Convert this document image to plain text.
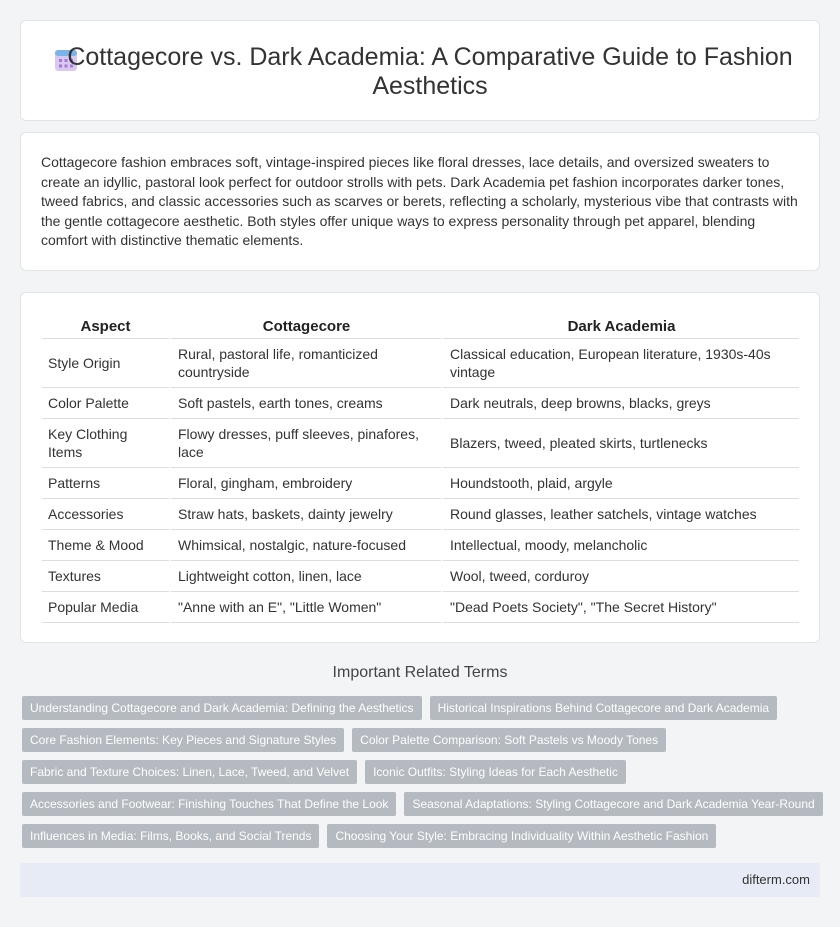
Cottagecore vs. Dark Academia: A Comparative Guide to Fashion Aesthetics

Cottagecore fashion embraces soft, vintage-inspired pieces like floral dresses, lace details, and oversized sweaters to create an idyllic, pastoral look perfect for outdoor strolls with pets. Dark Academia pet fashion incorporates darker tones, tweed fabrics, and classic accessories such as scarves or berets, reflecting a scholarly, mysterious vibe that contrasts with the gentle cottagecore aesthetic. Both styles offer unique ways to express personality through pet apparel, blending comfort with distinctive thematic elements.

Aspect	Cottagecore	Dark Academia
Style Origin	Rural, pastoral life, romanticized countryside	Classical education, European literature, 1930s-40s vintage
Color Palette	Soft pastels, earth tones, creams	Dark neutrals, deep browns, blacks, greys
Key Clothing Items	Flowy dresses, puff sleeves, pinafores, lace	Blazers, tweed, pleated skirts, turtlenecks
Patterns	Floral, gingham, embroidery	Houndstooth, plaid, argyle
Accessories	Straw hats, baskets, dainty jewelry	Round glasses, leather satchels, vintage watches
Theme & Mood	Whimsical, nostalgic, nature-focused	Intellectual, moody, melancholic
Textures	Lightweight cotton, linen, lace	Wool, tweed, corduroy
Popular Media	"Anne with an E", "Little Women"	"Dead Poets Society", "The Secret History"
Important Related Terms
Understanding Cottagecore and Dark Academia: Defining the Aesthetics Historical Inspirations Behind Cottagecore and Dark Academia
Core Fashion Elements: Key Pieces and Signature Styles Color Palette Comparison: Soft Pastels vs Moody Tones
Fabric and Texture Choices: Linen, Lace, Tweed, and Velvet Iconic Outfits: Styling Ideas for Each Aesthetic
Accessories and Footwear: Finishing Touches That Define the Look Seasonal Adaptations: Styling Cottagecore and Dark Academia Year-Round
Influences in Media: Films, Books, and Social Trends Choosing Your Style: Embracing Individuality Within Aesthetic Fashion
difterm.com
